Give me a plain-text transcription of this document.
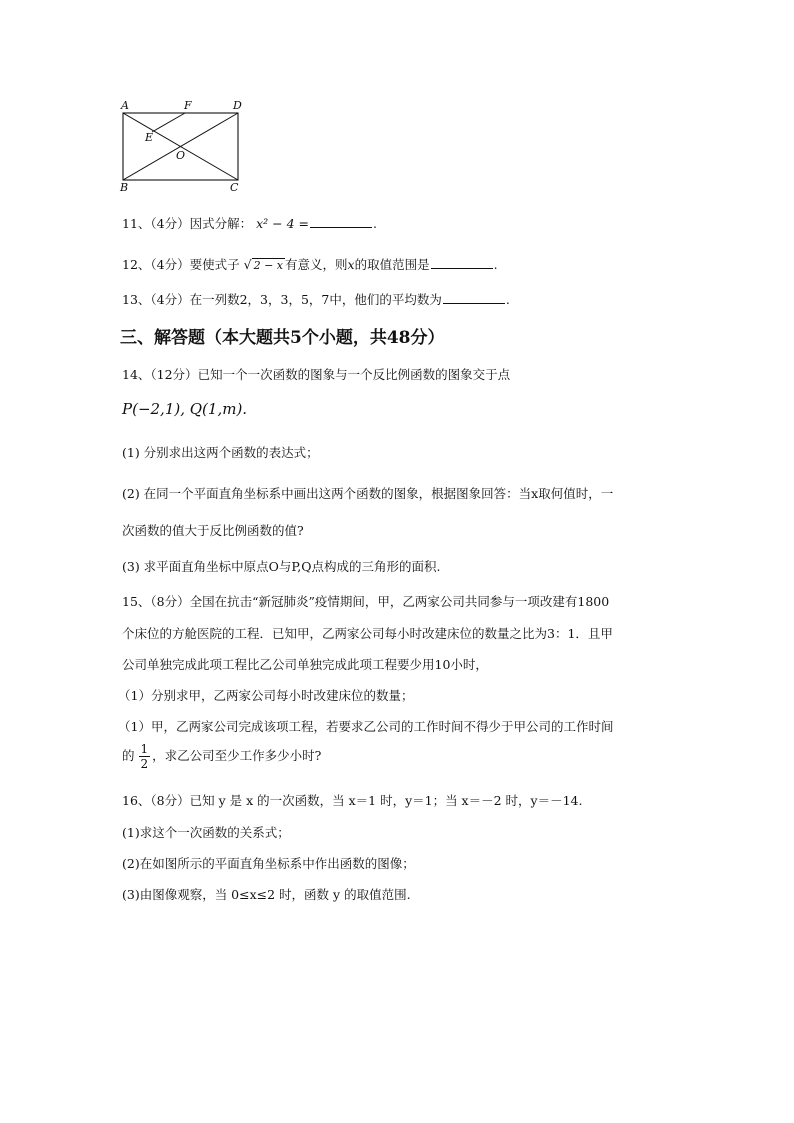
A	F	D
E
O
B	C
11、（4分）因式分解： x² − 4 =	.
12、（4分）要使式子 √ 2 − x 有意义，则x的取值范围是	.
13、（4分）在一列数2，3，3，5，7中，他们的平均数为	.
三、解答题（本大题共5个小题，共48分）
14、（12分）已知一个一次函数的图象与一个反比例函数的图象交于点
P(−2,1), Q(1,m).
(1) 分别求出这两个函数的表达式；
(2) 在同一个平面直角坐标系中画出这两个函数的图象，根据图象回答：当x取何值时，一
次函数的值大于反比例函数的值?
(3) 求平面直角坐标中原点O与P,Q点构成的三角形的面积.
15、（8分）全国在抗击“新冠肺炎”疫情期间，甲，乙两家公司共同参与一项改建有1800
个床位的方舱医院的工程．已知甲，乙两家公司每小时改建床位的数量之比为3：1．且甲
公司单独完成此项工程比乙公司单独完成此项工程要少用10小时，
（1）分别求甲，乙两家公司每小时改建床位的数量；
（1）甲，乙两家公司完成该项工程，若要求乙公司的工作时间不得少于甲公司的工作时间
的 $\frac{1}{2}$ ，求乙公司至少工作多少小时?
16、（8分）已知 y 是 x 的一次函数，当 x＝1 时，y＝1；当 x＝－2 时，y＝－14.
(1)求这个一次函数的关系式；
(2)在如图所示的平面直角坐标系中作出函数的图像；
(3)由图像观察，当 0≤x≤2 时，函数 y 的取值范围.
